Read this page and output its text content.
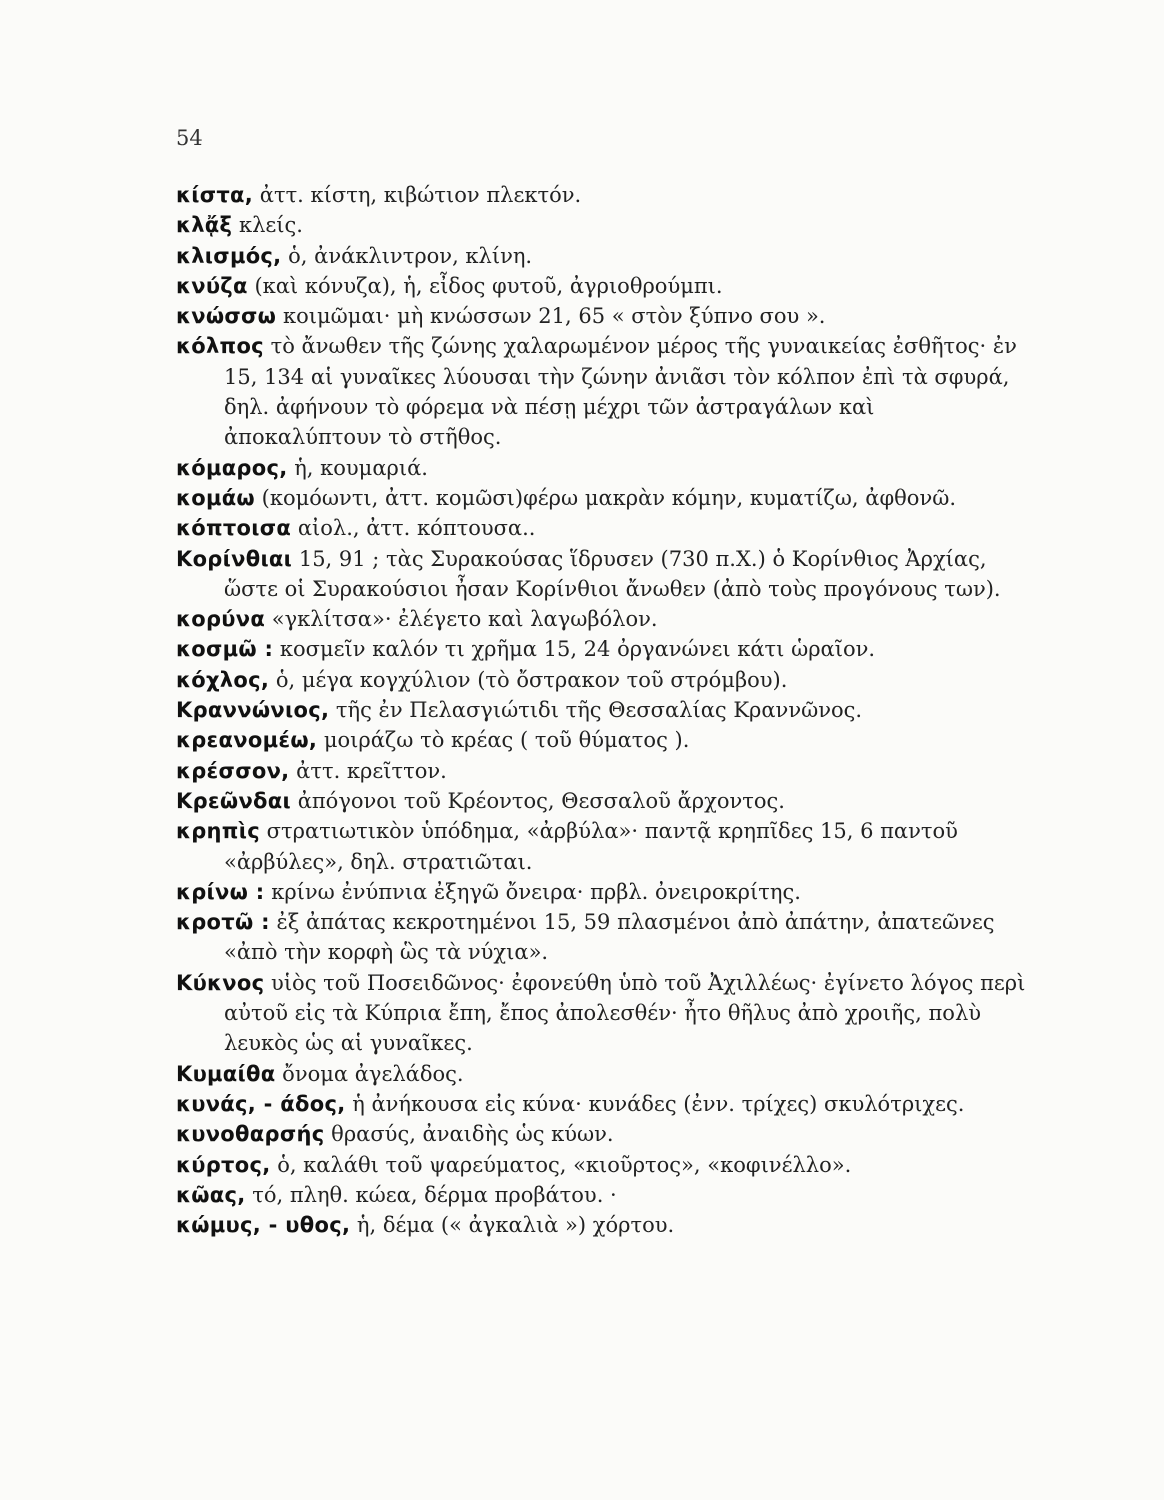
54
κίστα, ἀττ. κίστη, κιβώτιον πλεκτόν.
κλᾄξ κλείς.
κλισμός, ὁ, ἀνάκλιντρον, κλίνη.
κνύζα (καὶ κόνυζα), ἡ, εἶδος φυτοῦ, ἀγριοθρούμπι.
κνώσσω κοιμῶμαι· μὴ κνώσσων 21, 65 « στὸν ξύπνο σου ».
κόλπος τὸ ἄνωθεν τῆς ζώνης χαλαρωμένον μέρος τῆς γυναικείας ἐσθῆτος· ἐν 15, 134 αἱ γυναῖκες λύουσαι τὴν ζώνην ἀνιᾶσι τὸν κόλπον ἐπὶ τὰ σφυρά, δηλ. ἀφήνουν τὸ φόρεμα νὰ πέσῃ μέχρι τῶν ἀστραγάλων καὶ ἀποκαλύπτουν τὸ στῆθος.
κόμαρος, ἡ, κουμαριά.
κομάω (κομόωντι, ἀττ. κομῶσι)φέρω μακρὰν κόμην, κυματίζω, ἀφθονῶ.
κόπτοισα αἰολ., ἀττ. κόπτουσα..
Κορίνθιαι 15, 91 ; τὰς Συρακούσας ἵδρυσεν (730 π.Χ.) ὁ Κορίνθιος Ἀρχίας, ὥστε οἱ Συρακούσιοι ἦσαν Κορίνθιοι ἄνωθεν (ἀπὸ τοὺς προγόνους των).
κορύνα «γκλίτσα»· ἐλέγετο καὶ λαγωβόλον.
κοσμῶ : κοσμεῖν καλόν τι χρῆμα 15, 24 ὀργανώνει κάτι ὡραῖον.
κόχλος, ὁ, μέγα κογχύλιον (τὸ ὄστρακον τοῦ στρόμβου).
Κραννώνιος, τῆς ἐν Πελασγιώτιδι τῆς Θεσσαλίας Κραννῶνος.
κρεανομέω, μοιράζω τὸ κρέας ( τοῦ θύματος ).
κρέσσον, ἀττ. κρεῖττον.
Κρεῶνδαι ἀπόγονοι τοῦ Κρέοντος, Θεσσαλοῦ ἄρχοντος.
κρηπὶς στρατιωτικὸν ὑπόδημα, «ἀρβύλα»· παντᾷ κρηπῖδες 15, 6 παντοῦ «ἀρβύλες», δηλ. στρατιῶται.
κρίνω : κρίνω ἐνύπνια ἐξηγῶ ὄνειρα· πρβλ. ὀνειροκρίτης.
κροτῶ : ἐξ ἀπάτας κεκροτημένοι 15, 59 πλασμένοι ἀπὸ ἀπάτην, ἀπατεῶνες «ἀπὸ τὴν κορφὴ ὣς τὰ νύχια».
Κύκνος υἱὸς τοῦ Ποσειδῶνος· ἐφονεύθη ὑπὸ τοῦ Ἀχιλλέως· ἐγίνετο λόγος περὶ αὐτοῦ εἰς τὰ Κύπρια ἔπη, ἔπος ἀπολεσθέν· ἦτο θῆλυς ἀπὸ χροιῆς, πολὺ λευκὸς ὡς αἱ γυναῖκες.
Κυμαίθα ὄνομα ἀγελάδος.
κυνάς, - άδος, ἡ ἀνήκουσα εἰς κύνα· κυνάδες (ἐνν. τρίχες) σκυλότριχες.
κυνοθαρσής θρασύς, ἀναιδὴς ὡς κύων.
κύρτος, ὁ, καλάθι τοῦ ψαρεύματος, «κιοῦρτος», «κοφινέλλο».
κῶας, τό, πληθ. κώεα, δέρμα προβάτου. ·
κώμυς, - υθος, ἡ, δέμα (« ἀγκαλιὰ ») χόρτου.
